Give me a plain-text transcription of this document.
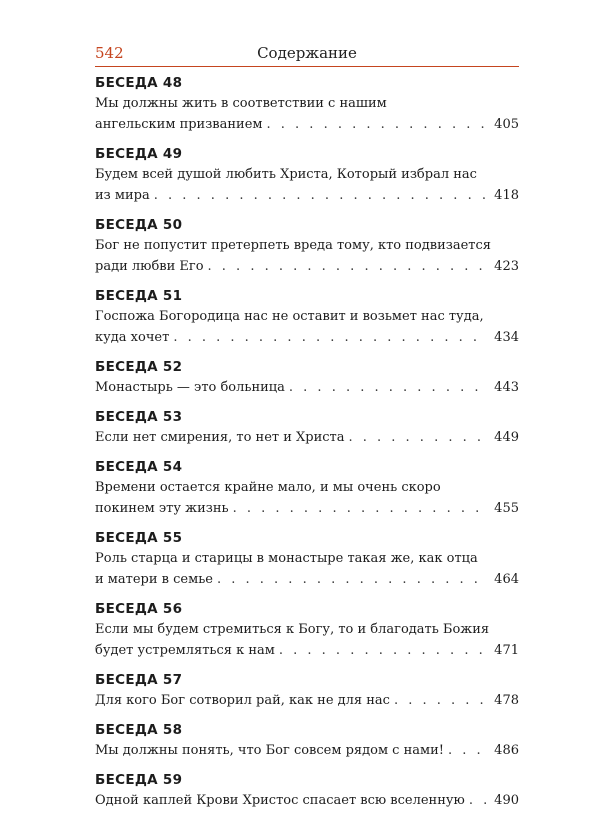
542	Содержание
БЕСЕДА 48
Мы должны жить в соответствии с нашим
ангельским призванием . . .	405
БЕСЕДА 49
Будем всей душой любить Христа, Который избрал нас
из мира . . .	418
БЕСЕДА 50
Бог не попустит претерпеть вреда тому, кто подвизается
ради любви Его . . .	423
БЕСЕДА 51
Госпожа Богородица нас не оставит и возьмет нас туда,
куда хочет . . .	434
БЕСЕДА 52
Монастырь — это больница . . .	443
БЕСЕДА 53
Если нет смирения, то нет и Христа . . .	449
БЕСЕДА 54
Времени остается крайне мало, и мы очень скоро
покинем эту жизнь . . .	455
БЕСЕДА 55
Роль старца и старицы в монастыре такая же, как отца
и матери в семье . . .	464
БЕСЕДА 56
Если мы будем стремиться к Богу, то и благодать Божия
будет устремляться к нам . . .	471
БЕСЕДА 57
Для кого Бог сотворил рай, как не для нас . . .	478
БЕСЕДА 58
Мы должны понять, что Бог совсем рядом с нами! . . .	486
БЕСЕДА 59
Одной каплей Крови Христос спасает всю вселенную . . . 490
